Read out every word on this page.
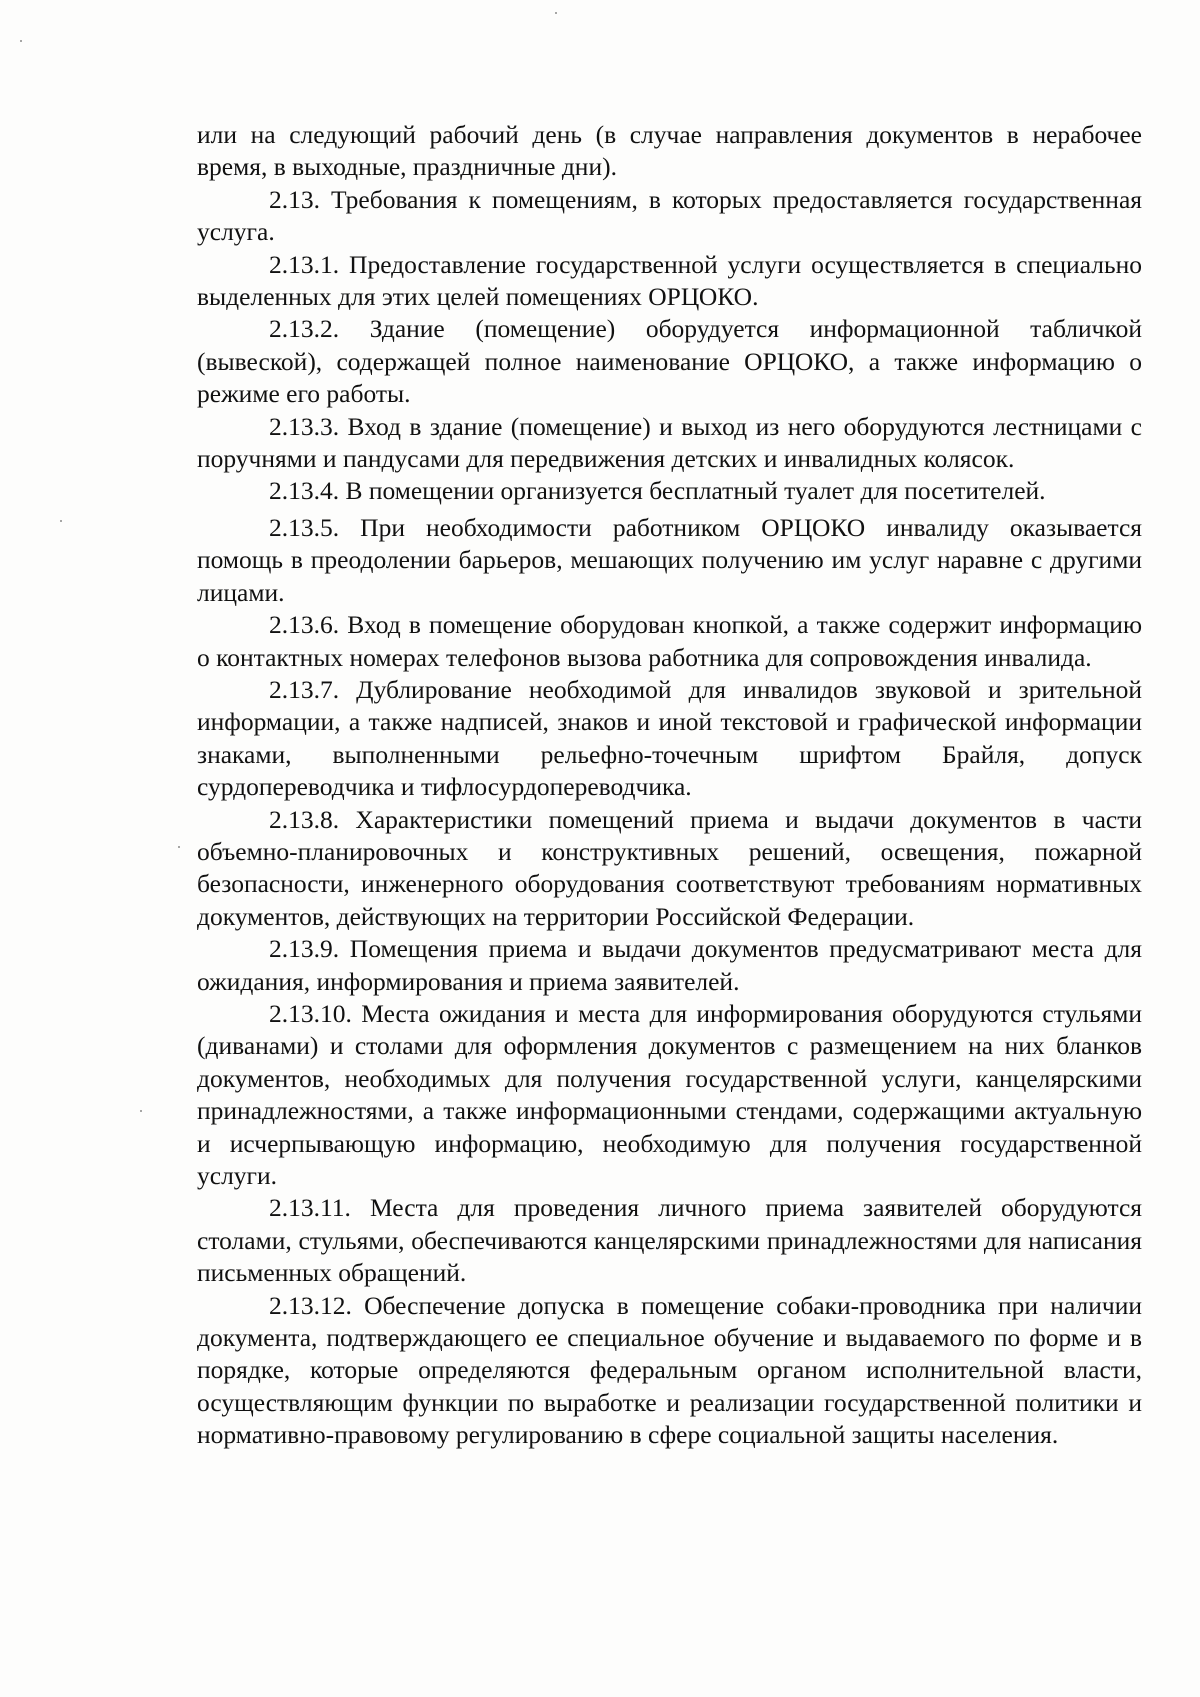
или на следующий рабочий день (в случае направления документов в нерабочее время, в выходные, праздничные дни).

2.13. Требования к помещениям, в которых предоставляется государственная услуга.

2.13.1. Предоставление государственной услуги осуществляется в специально выделенных для этих целей помещениях ОРЦОКО.

2.13.2. Здание (помещение) оборудуется информационной табличкой (вывеской), содержащей полное наименование ОРЦОКО, а также информацию о режиме его работы.

2.13.3. Вход в здание (помещение) и выход из него оборудуются лестницами с поручнями и пандусами для передвижения детских и инвалидных колясок.

2.13.4. В помещении организуется бесплатный туалет для посетителей.

2.13.5. При необходимости работником ОРЦОКО инвалиду оказывается помощь в преодолении барьеров, мешающих получению им услуг наравне с другими лицами.

2.13.6. Вход в помещение оборудован кнопкой, а также содержит информацию о контактных номерах телефонов вызова работника для сопровождения инвалида.

2.13.7. Дублирование необходимой для инвалидов звуковой и зрительной информации, а также надписей, знаков и иной текстовой и графической информации знаками, выполненными рельефно-точечным шрифтом Брайля, допуск сурдопереводчика и тифлосурдопереводчика.

2.13.8. Характеристики помещений приема и выдачи документов в части объемно-планировочных и конструктивных решений, освещения, пожарной безопасности, инженерного оборудования соответствуют требованиям нормативных документов, действующих на территории Российской Федерации.

2.13.9. Помещения приема и выдачи документов предусматривают места для ожидания, информирования и приема заявителей.

2.13.10. Места ожидания и места для информирования оборудуются стульями (диванами) и столами для оформления документов с размещением на них бланков документов, необходимых для получения государственной услуги, канцелярскими принадлежностями, а также информационными стендами, содержащими актуальную и исчерпывающую информацию, необходимую для получения государственной услуги.

2.13.11. Места для проведения личного приема заявителей оборудуются столами, стульями, обеспечиваются канцелярскими принадлежностями для написания письменных обращений.

2.13.12. Обеспечение допуска в помещение собаки-проводника при наличии документа, подтверждающего ее специальное обучение и выдаваемого по форме и в порядке, которые определяются федеральным органом исполнительной власти, осуществляющим функции по выработке и реализации государственной политики и нормативно-правовому регулированию в сфере социальной защиты населения.
